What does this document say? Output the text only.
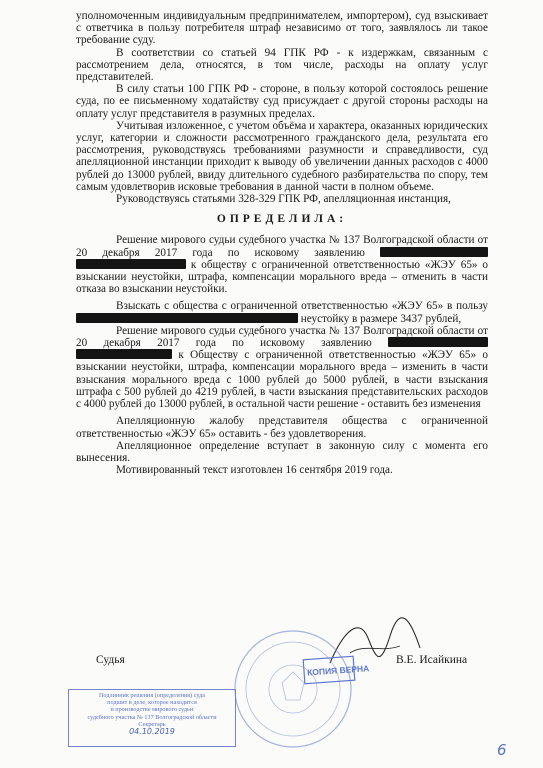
уполномоченным индивидуальным предпринимателем, импортером), суд взыскивает с ответчика в пользу потребителя штраф независимо от того, заявлялось ли такое требование суду.

В соответствии со статьей 94 ГПК РФ - к издержкам, связанным с рассмотрением дела, относятся, в том числе, расходы на оплату услуг представителей.

В силу статьи 100 ГПК РФ - стороне, в пользу которой состоялось решение суда, по ее письменному ходатайству суд присуждает с другой стороны расходы на оплату услуг представителя в разумных пределах.

Учитывая изложенное, с учетом объёма и характера, оказанных юридических услуг, категории и сложности рассмотренного гражданского дела, результата его рассмотрения, руководствуясь требованиями разумности и справедливости, суд апелляционной инстанции приходит к выводу об увеличении данных расходов с 4000 рублей до 13000 рублей, ввиду длительного судебного разбирательства по спору, тем самым удовлетворив исковые требования в данной части в полном объеме.

Руководствуясь статьями 328-329 ГПК РФ, апелляционная инстанция,

ОПРЕДЕЛИЛА:

Решение мирового судьи судебного участка № 137 Волгоградской области от 20 декабря 2017 года по исковому заявлению   к обществу с ограниченной ответственностью «ЖЭУ 65» о взыскании неустойки, штрафа, компенсации морального вреда – отменить в части отказа во взыскании неустойки.

Взыскать с общества с ограниченной ответственностью «ЖЭУ 65» в пользу  неустойку в размере 3437 рублей,

Решение мирового судьи судебного участка № 137 Волгоградской области от 20 декабря 2017 года по исковому заявлению   к Обществу с ограниченной ответственностью «ЖЭУ 65» о взыскании неустойки, штрафа, компенсации морального вреда – изменить в части взыскания морального вреда с 1000 рублей до 5000 рублей, в части взыскания штрафа с 500 рублей до 4219 рублей, в части взыскания представительских расходов с 4000 рублей до 13000 рублей, в остальной части решение - оставить без изменения

Апелляционную жалобу представителя общества с ограниченной ответственностью «ЖЭУ 65» оставить - без удовлетворения.

Апелляционное определение вступает в законную силу с момента его вынесения.

Мотивированный текст изготовлен 16 сентября 2019 года.

Судья	В.Е. Исайкина
КОПИЯ ВЕРНА
Подлинник решения (определения) суда
подшит в деле, которое находится
в производстве мирового судьи
судебного участка № 137 Волгоградской области
Секретарь
04.10.2019
6
